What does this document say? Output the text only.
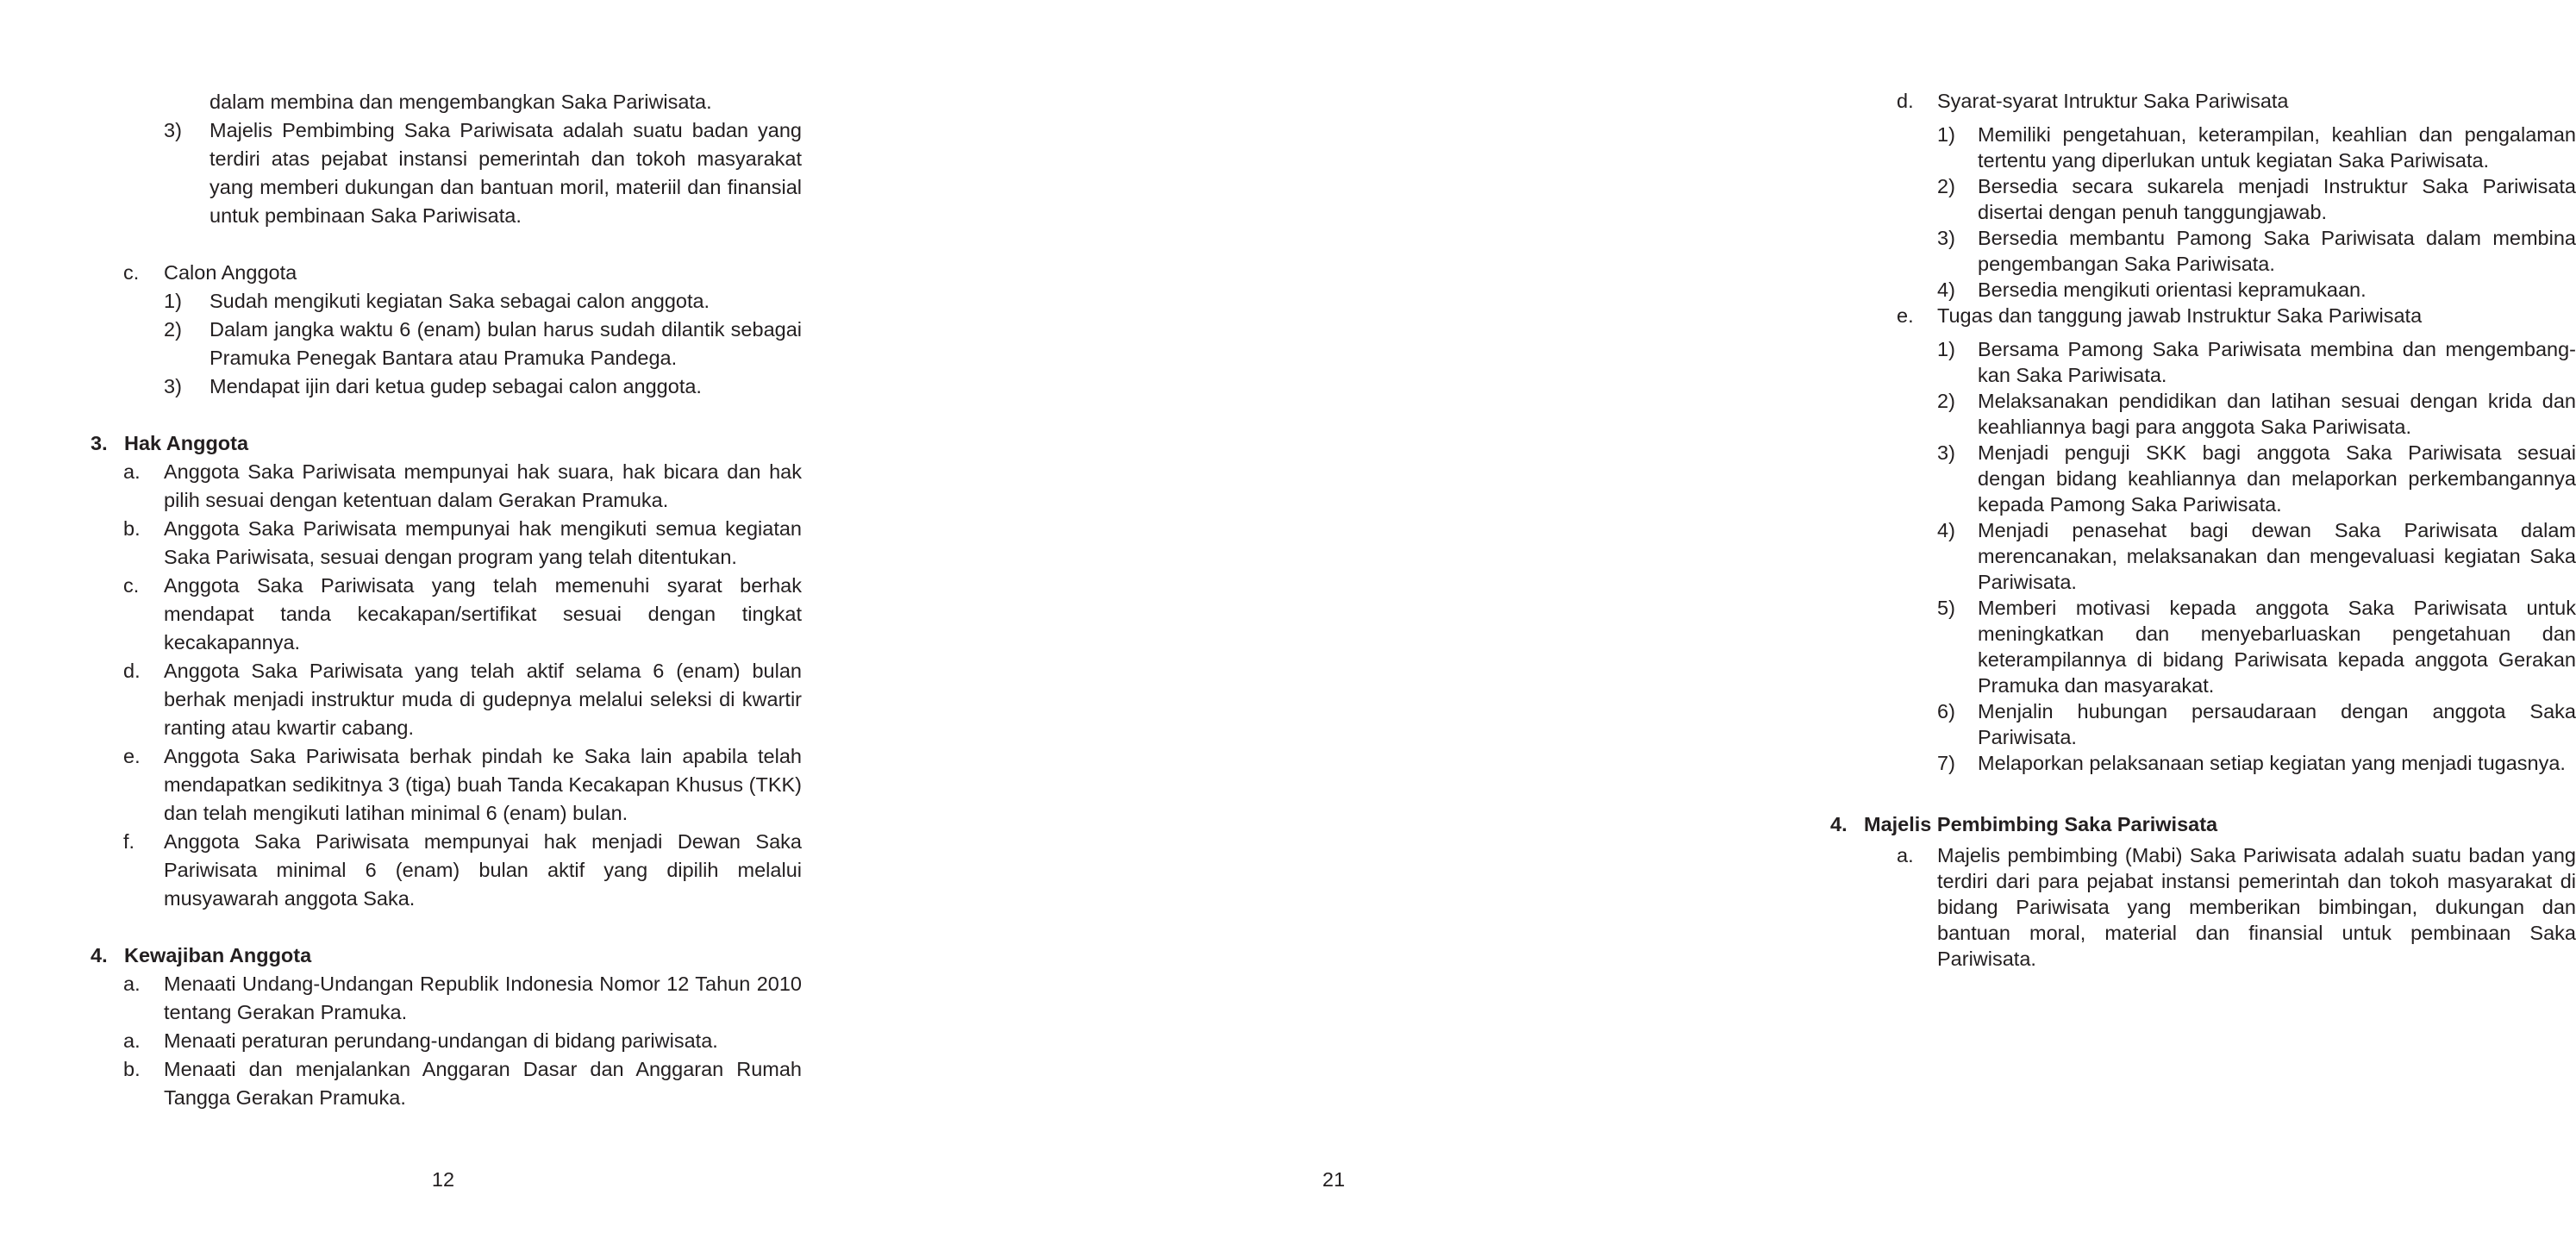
dalam membina dan mengembangkan Saka Pariwisata.
3) Majelis Pembimbing Saka Pariwisata adalah suatu badan yang terdiri atas pejabat instansi pemerintah dan tokoh masyarakat yang memberi dukungan dan bantuan moril, materiil dan finansial untuk pembinaan Saka Pariwisata.
c. Calon Anggota
1) Sudah mengikuti kegiatan Saka sebagai calon anggota.
2) Dalam jangka waktu 6 (enam) bulan harus sudah dilantik sebagai Pramuka Penegak Bantara atau Pramuka Pandega.
3) Mendapat ijin dari ketua gudep sebagai calon anggota.
3. Hak Anggota
a. Anggota Saka Pariwisata mempunyai hak suara, hak bicara dan hak pilih sesuai dengan ketentuan dalam Gerakan Pramuka.
b. Anggota Saka Pariwisata mempunyai hak mengikuti semua kegiatan Saka Pariwisata, sesuai dengan program yang telah ditentukan.
c. Anggota Saka Pariwisata yang telah memenuhi syarat berhak mendapat tanda kecakapan/sertifikat sesuai dengan tingkat kecakapannya.
d. Anggota Saka Pariwisata yang telah aktif selama 6 (enam) bulan berhak menjadi instruktur muda di gudepnya melalui seleksi di kwartir ranting atau kwartir cabang.
e. Anggota Saka Pariwisata berhak pindah ke Saka lain apabila telah mendapatkan sedikitnya 3 (tiga) buah Tanda Kecakapan Khusus (TKK) dan telah mengikuti latihan minimal 6 (enam) bulan.
f. Anggota Saka Pariwisata mempunyai hak menjadi Dewan Saka Pariwisata minimal 6 (enam) bulan aktif yang dipilih melalui musyawarah anggota Saka.
4. Kewajiban Anggota
a. Menaati Undang-Undangan Republik Indonesia Nomor 12 Tahun 2010 tentang Gerakan Pramuka.
a. Menaati peraturan perundang-undangan di bidang pariwisata.
b. Menaati dan menjalankan Anggaran Dasar dan Anggaran Rumah Tangga Gerakan Pramuka.
12
d. Syarat-syarat Intruktur Saka Pariwisata
1) Memiliki pengetahuan, keterampilan, keahlian dan pengalaman tertentu yang diperlukan untuk kegiatan Saka Pariwisata.
2) Bersedia secara sukarela menjadi Instruktur Saka Pariwisata disertai dengan penuh tanggungjawab.
3) Bersedia membantu Pamong Saka Pariwisata dalam membina pengembangan Saka Pariwisata.
4) Bersedia mengikuti orientasi kepramukaan.
e. Tugas dan tanggung jawab Instruktur Saka Pariwisata
1) Bersama Pamong Saka Pariwisata membina dan mengembang-kan Saka Pariwisata.
2) Melaksanakan pendidikan dan latihan sesuai dengan krida dan keahliannya bagi para anggota Saka Pariwisata.
3) Menjadi penguji SKK bagi anggota Saka Pariwisata sesuai dengan bidang keahliannya dan melaporkan perkembangannya kepada Pamong Saka Pariwisata.
4) Menjadi penasehat bagi dewan Saka Pariwisata dalam merencanakan, melaksanakan dan mengevaluasi kegiatan Saka Pariwisata.
5) Memberi motivasi kepada anggota Saka Pariwisata untuk meningkatkan dan menyebarluaskan pengetahuan dan keterampilannya di bidang Pariwisata kepada anggota Gerakan Pramuka dan masyarakat.
6) Menjalin hubungan persaudaraan dengan anggota Saka Pariwisata.
7) Melaporkan pelaksanaan setiap kegiatan yang menjadi tugasnya.
4. Majelis Pembimbing Saka Pariwisata
a. Majelis pembimbing (Mabi) Saka Pariwisata adalah suatu badan yang terdiri dari para pejabat instansi pemerintah dan tokoh masyarakat di bidang Pariwisata yang memberikan bimbingan, dukungan dan bantuan moral, material dan finansial untuk pembinaan Saka Pariwisata.
21
